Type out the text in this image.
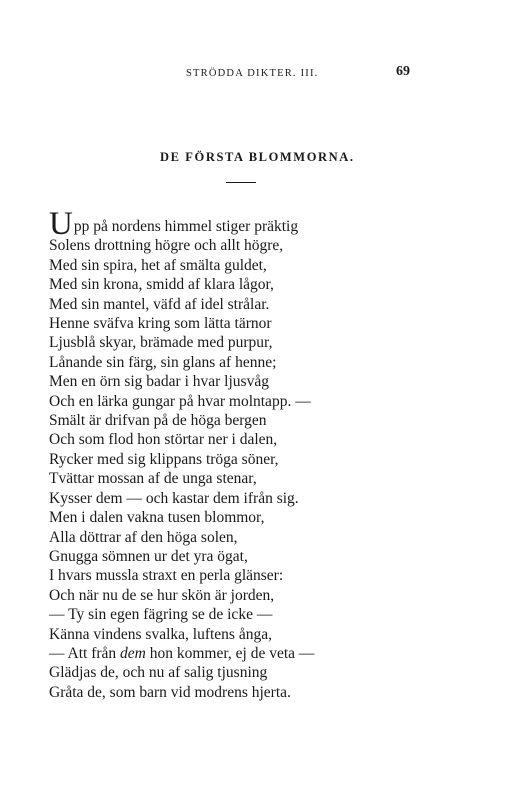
STRÖDDA DIKTER. III.	69
DE FÖRSTA BLOMMORNA.

Upp på nordens himmel stiger präktig

Solens drottning högre och allt högre,

Med sin spira, het af smälta guldet,

Med sin krona, smidd af klara lågor,

Med sin mantel, väfd af idel strålar.

Henne sväfva kring som lätta tärnor

Ljusblå skyar, brämade med purpur,

Lånande sin färg, sin glans af henne;

Men en örn sig badar i hvar ljusvåg

Och en lärka gungar på hvar molntapp. —

Smält är drifvan på de höga bergen

Och som flod hon störtar ner i dalen,

Rycker med sig klippans tröga söner,

Tvättar mossan af de unga stenar,

Kysser dem — och kastar dem ifrån sig.

Men i dalen vakna tusen blommor,

Alla döttrar af den höga solen,

Gnugga sömnen ur det yra ögat,

I hvars mussla straxt en perla glänser:

Och när nu de se hur skön är jorden,

— Ty sin egen fägring se de icke —

Känna vindens svalka, luftens ånga,

— Att från dem hon kommer, ej de veta —

Glädjas de, och nu af salig tjusning

Gråta de, som barn vid modrens hjerta.
